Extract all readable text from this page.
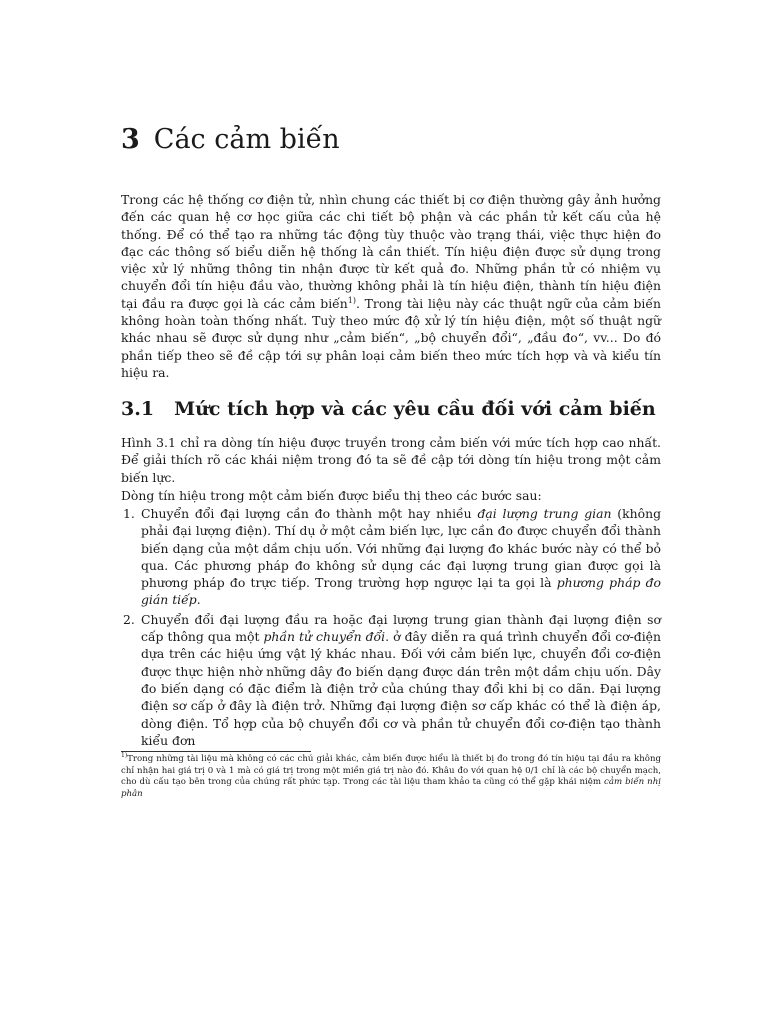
3 Các cảm biến

Trong các hệ thống cơ điện tử, nhìn chung các thiết bị cơ điện thường gây ảnh hưởng đến các quan hệ cơ học giữa các chi tiết bộ phận và các phần tử kết cấu của hệ thống. Để có thể tạo ra những tác động tùy thuộc vào trạng thái, việc thực hiện đo đạc các thông số biểu diễn hệ thống là cần thiết. Tín hiệu điện được sử dụng trong việc xử lý những thông tin nhận được từ kết quả đo. Những phần tử có nhiệm vụ chuyển đổi tín hiệu đầu vào, thường không phải là tín hiệu điện, thành tín hiệu điện tại đầu ra được gọi là các cảm biến$^{1)}$. Trong tài liệu này các thuật ngữ của cảm biến không hoàn toàn thống nhất. Tuỳ theo mức độ xử lý tín hiệu điện, một số thuật ngữ khác nhau sẽ được sử dụng như „cảm biến“, „bộ chuyển đổi“, „đầu đo“, vv... Do đó phần tiếp theo sẽ đề cập tới sự phân loại cảm biến theo mức tích hợp và và kiểu tín hiệu ra.

3.1 Mức tích hợp và các yêu cầu đối với cảm biến

Hình 3.1 chỉ ra dòng tín hiệu được truyền trong cảm biến với mức tích hợp cao nhất. Để giải thích rõ các khái niệm trong đó ta sẽ đề cập tới dòng tín hiệu trong một cảm biến lực.

Dòng tín hiệu trong một cảm biến được biểu thị theo các bước sau:

1. Chuyển đổi đại lượng cần đo thành một hay nhiều đại lượng trung gian (không phải đại lượng điện). Thí dụ ở một cảm biến lực, lực cần đo được chuyển đổi thành biến dạng của một dầm chịu uốn. Với những đại lượng đo khác bước này có thể bỏ qua. Các phương pháp đo không sử dụng các đại lượng trung gian được gọi là phương pháp đo trực tiếp. Trong trường hợp ngược lại ta gọi là phương pháp đo gián tiếp.
2. Chuyển đổi đại lượng đầu ra hoặc đại lượng trung gian thành đại lượng điện sơ cấp thông qua một phần tử chuyển đổi. ở đây diễn ra quá trình chuyển đổi cơ-điện dựa trên các hiệu ứng vật lý khác nhau. Đối với cảm biến lực, chuyển đổi cơ-điện được thực hiện nhờ những dây đo biến dạng được dán trên một dầm chịu uốn. Dây đo biến dạng có đặc điểm là điện trở của chúng thay đổi khi bị co dãn. Đại lượng điện sơ cấp ở đây là điện trở. Những đại lượng điện sơ cấp khác có thể là điện áp, dòng điện. Tổ hợp của bộ chuyển đổi cơ và phần tử chuyển đổi cơ-điện tạo thành kiểu đơn

$^{1)}$Trong những tài liệu mà không có các chú giải khác, cảm biến được hiểu là thiết bị đo trong đó tín hiệu tại đầu ra không chỉ nhận hai giá trị 0 và 1 mà có giá trị trong một miền giá trị nào đó. Khâu đo với quan hệ 0/1 chỉ là các bộ chuyển mạch, cho dù cấu tạo bên trong của chúng rất phức tạp. Trong các tài liệu tham khảo ta cũng có thể gặp khái niệm cảm biến nhị phân
